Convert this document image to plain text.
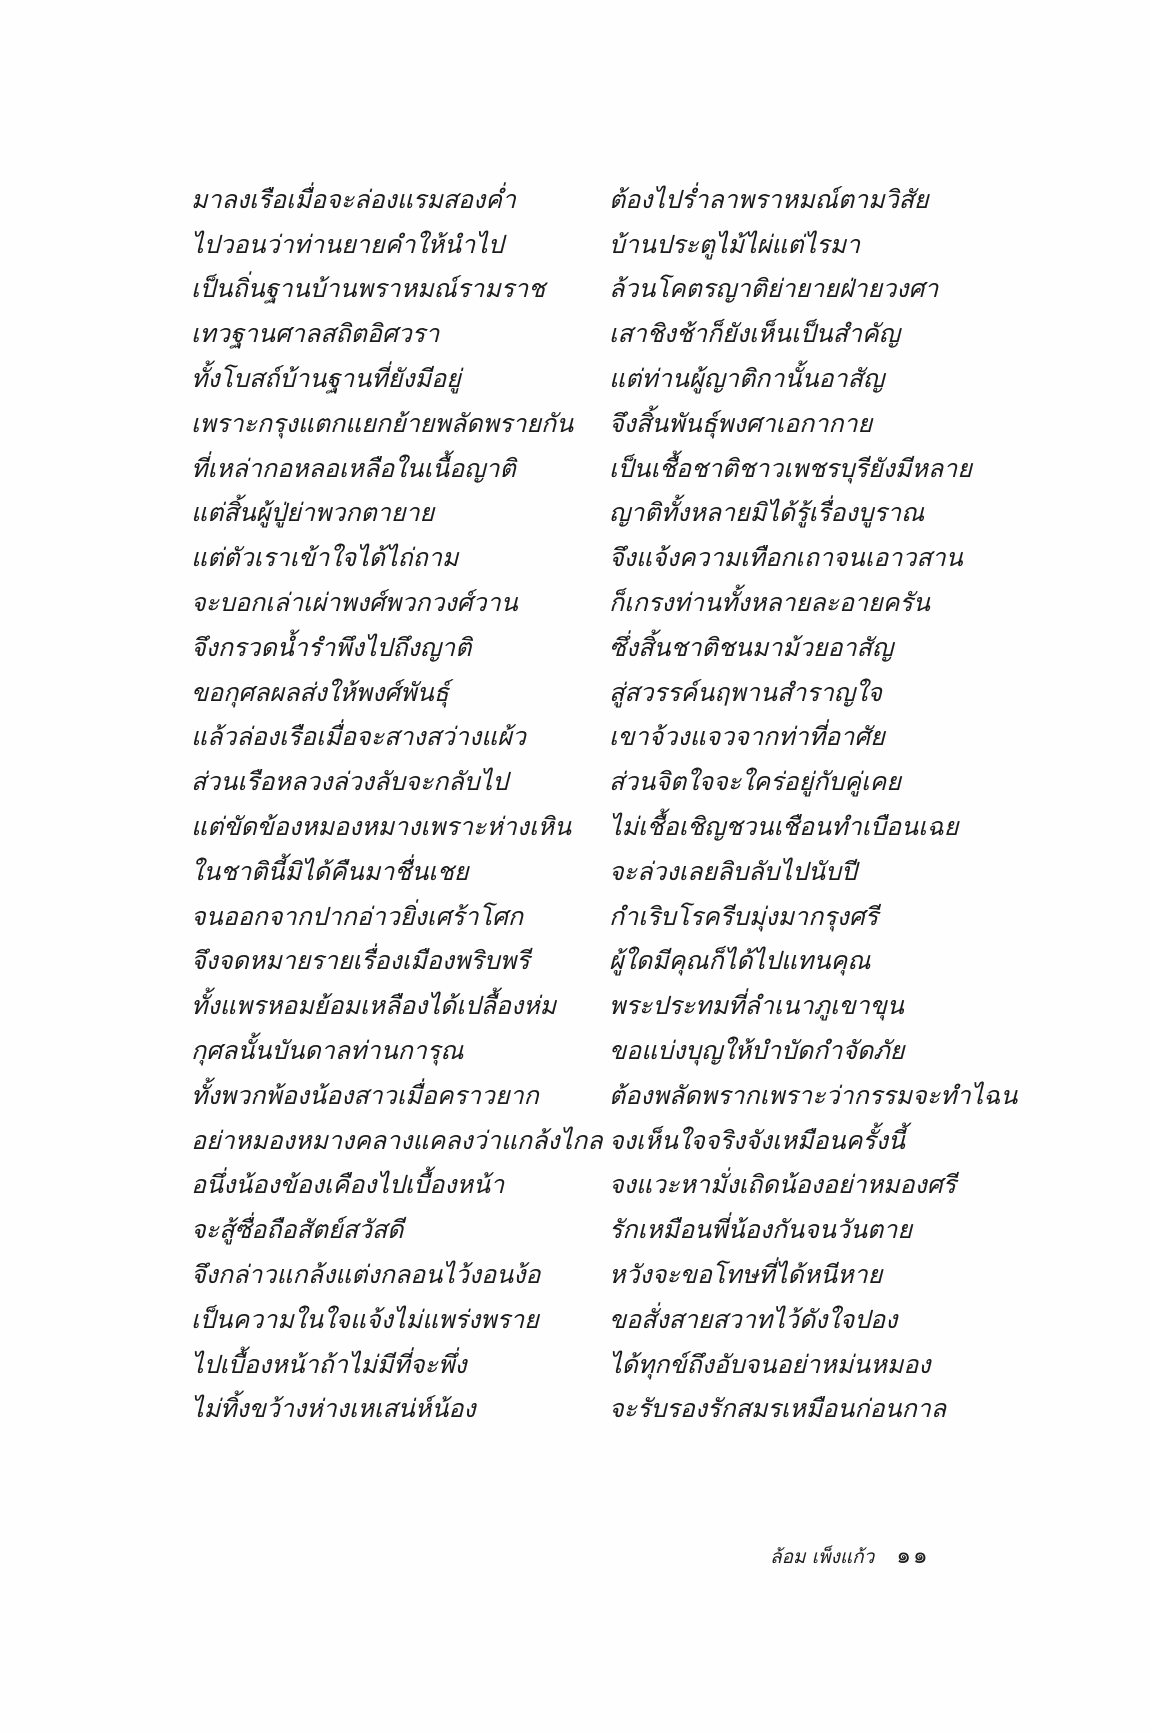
มาลงเรือเมื่อจะล่องแรมสองค่ำ	ต้องไปร่ำลาพราหมณ์ตามวิสัย
ไปวอนว่าท่านยายคำให้นำไป	บ้านประตูไม้ไผ่แต่ไรมา
เป็นถิ่นฐานบ้านพราหมณ์รามราช	ล้วนโคตรญาติย่ายายฝ่ายวงศา
เทวฐานศาลสถิตอิศวรา	เสาชิงช้าก็ยังเห็นเป็นสำคัญ
ทั้งโบสถ์บ้านฐานที่ยังมีอยู่	แต่ท่านผู้ญาติกานั้นอาสัญ
เพราะกรุงแตกแยกย้ายพลัดพรายกัน	จึงสิ้นพันธุ์พงศาเอกากาย
ที่เหล่ากอหลอเหลือในเนื้อญาติ	เป็นเชื้อชาติชาวเพชรบุรียังมีหลาย
แต่สิ้นผู้ปู่ย่าพวกตายาย	ญาติทั้งหลายมิได้รู้เรื่องบูราณ
แต่ตัวเราเข้าใจได้ไถ่ถาม	จึงแจ้งความเทือกเถาจนเอาวสาน
จะบอกเล่าเผ่าพงศ์พวกวงศ์วาน	ก็เกรงท่านทั้งหลายละอายครัน
จึงกรวดน้ำรำพึงไปถึงญาติ	ซึ่งสิ้นชาติชนมาม้วยอาสัญ
ขอกุศลผลส่งให้พงศ์พันธุ์	สู่สวรรค์นฤพานสำราญใจ
แล้วล่องเรือเมื่อจะสางสว่างแผ้ว	เขาจ้วงแจวจากท่าที่อาศัย
ส่วนเรือหลวงล่วงลับจะกลับไป	ส่วนจิตใจจะใคร่อยู่กับคู่เคย
แต่ขัดข้องหมองหมางเพราะห่างเหิน	ไม่เชื้อเชิญชวนเชือนทำเบือนเฉย
ในชาตินี้มิได้คืนมาชื่นเชย	จะล่วงเลยลิบลับไปนับปี
จนออกจากปากอ่าวยิ่งเศร้าโศก	กำเริบโรครีบมุ่งมากรุงศรี
จึงจดหมายรายเรื่องเมืองพริบพรี	ผู้ใดมีคุณก็ได้ไปแทนคุณ
ทั้งแพรหอมย้อมเหลืองได้เปลื้องห่ม	พระประทมที่ลำเนาภูเขาขุน
กุศลนั้นบันดาลท่านการุณ	ขอแบ่งบุญให้บำบัดกำจัดภัย
ทั้งพวกพ้องน้องสาวเมื่อคราวยาก	ต้องพลัดพรากเพราะว่ากรรมจะทำไฉน
อย่าหมองหมางคลางแคลงว่าแกล้งไกล จงเห็นใจจริงจังเหมือนครั้งนี้
อนึ่งน้องข้องเคืองไปเบื้องหน้า	จงแวะหามั่งเถิดน้องอย่าหมองศรี
จะสู้ซื่อถือสัตย์สวัสดี	รักเหมือนพี่น้องกันจนวันตาย
จึงกล่าวแกล้งแต่งกลอนไว้งอนง้อ	หวังจะขอโทษที่ได้หนีหาย
เป็นความในใจแจ้งไม่แพร่งพราย	ขอสั่งสายสวาทไว้ดังใจปอง
ไปเบื้องหน้าถ้าไม่มีที่จะพึ่ง	ได้ทุกข์ถึงอับจนอย่าหม่นหมอง
ไม่ทิ้งขว้างห่างเหเสน่ห์น้อง	จะรับรองรักสมรเหมือนก่อนกาล
ล้อม เพ็งแก้ว ๑๑
